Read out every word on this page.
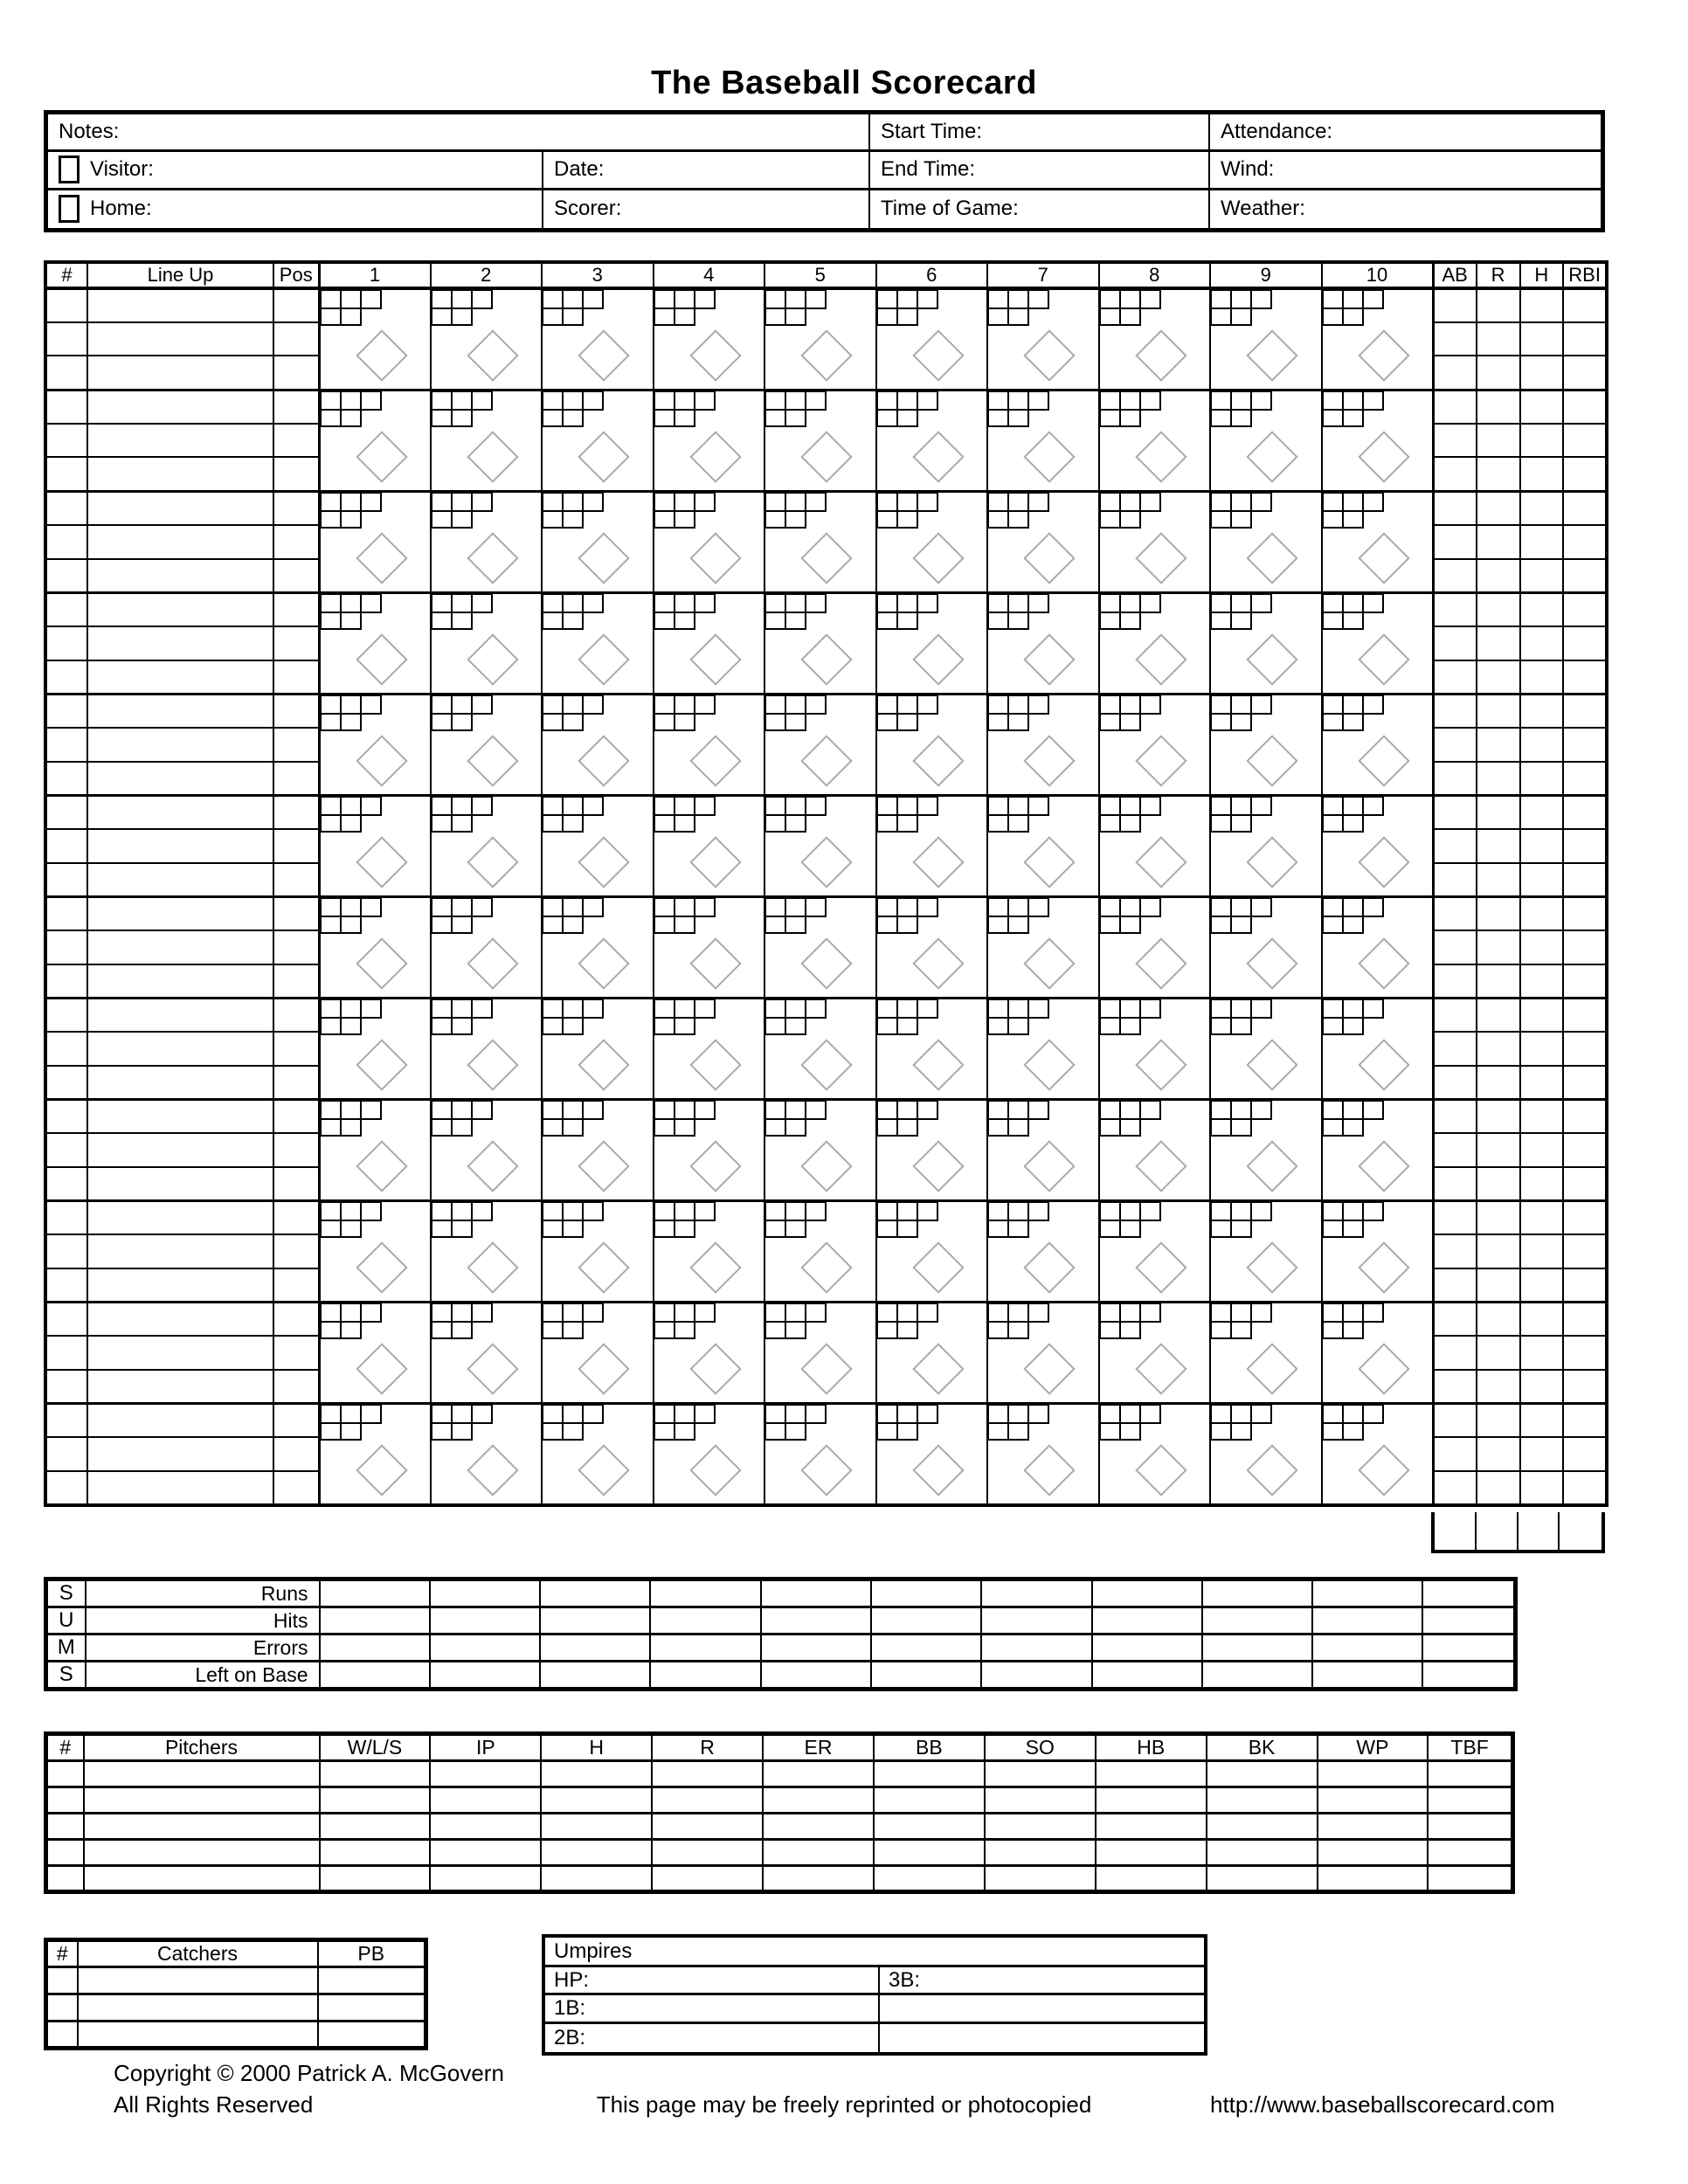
The Baseball Scorecard
Notes:	Start Time:	Attendance:
Visitor:	Date:	End Time:	Wind:
Home:	Scorer:	Time of Game:	Weather:
#	Line Up	Pos	1	2	3	4	5	6	7	8	9	10	AB	R	H	RBI

S	Runs											
U	Hits											
M	Errors											
S	Left on Base											
#	Pitchers	W/L/S	IP	H	R	ER	BB	SO	HB	BK	WP	TBF

#	Catchers	PB

			Umpires
HP:	3B:
1B:
2B:
Copyright © 2000 Patrick A. McGovern
All Rights Reserved	This page may be freely reprinted or photocopied	http://www.baseballscorecard.com
